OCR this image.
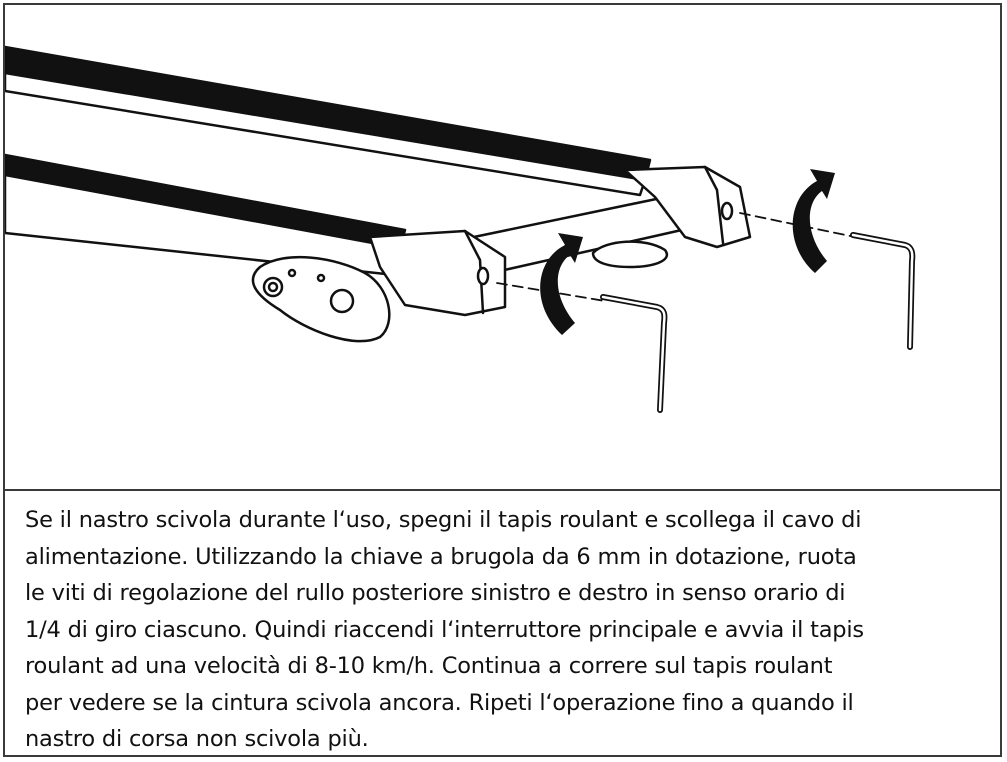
Se il nastro scivola durante l‘uso, spegni il tapis roulant e scollega il cavo di
alimentazione. Utilizzando la chiave a brugola da 6 mm in dotazione, ruota
le viti di regolazione del rullo posteriore sinistro e destro in senso orario di
1/4 di giro ciascuno. Quindi riaccendi l‘interruttore principale e avvia il tapis
roulant ad una velocità di 8-10 km/h. Continua a correre sul tapis roulant
per vedere se la cintura scivola ancora. Ripeti l‘operazione fino a quando il
nastro di corsa non scivola più.
